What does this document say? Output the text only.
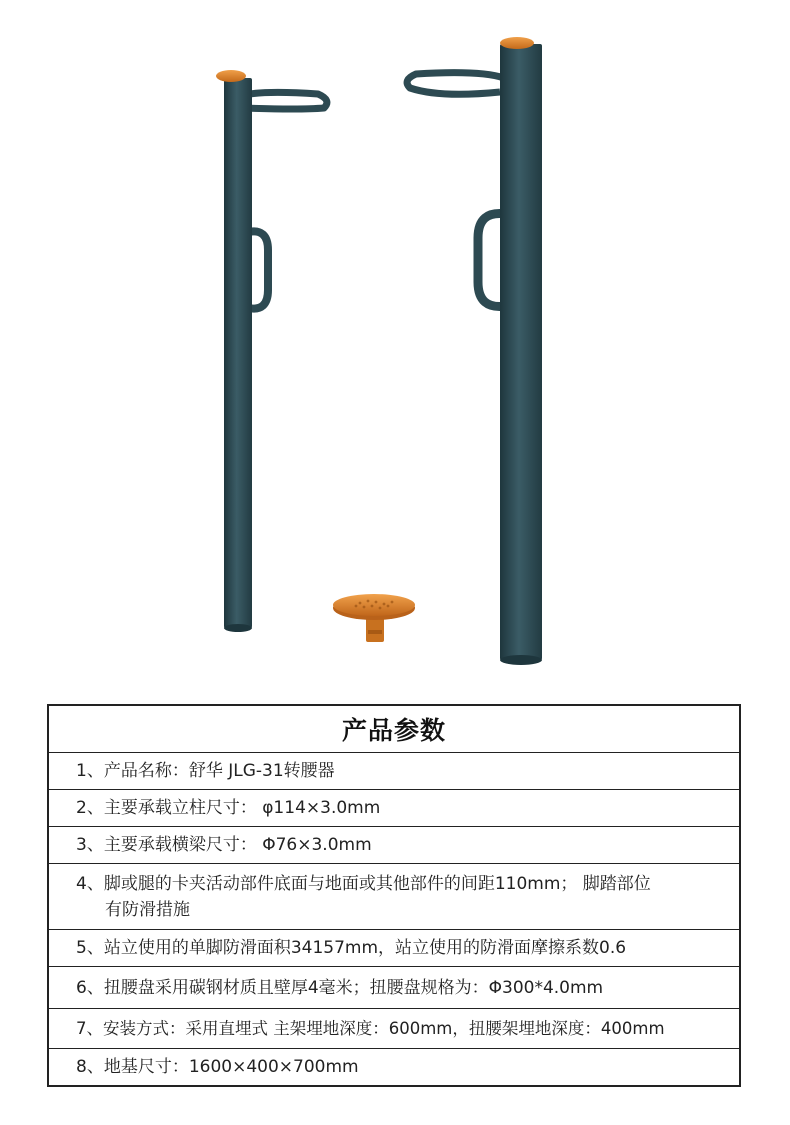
产品参数
1、产品名称：舒华 JLG-31转腰器
2、主要承载立柱尺寸： φ114×3.0mm
3、主要承载横梁尺寸： Φ76×3.0mm
4、脚或腿的卡夹活动部件底面与地面或其他部件的间距110mm； 脚踏部位
有防滑措施
5、站立使用的单脚防滑面积34157mm，站立使用的防滑面摩擦系数0.6
6、扭腰盘采用碳钢材质且壁厚4毫米；扭腰盘规格为：Φ300*4.0mm
7、安装方式：采用直埋式 主架埋地深度：600mm，扭腰架埋地深度：400mm
8、地基尺寸：1600×400×700mm
